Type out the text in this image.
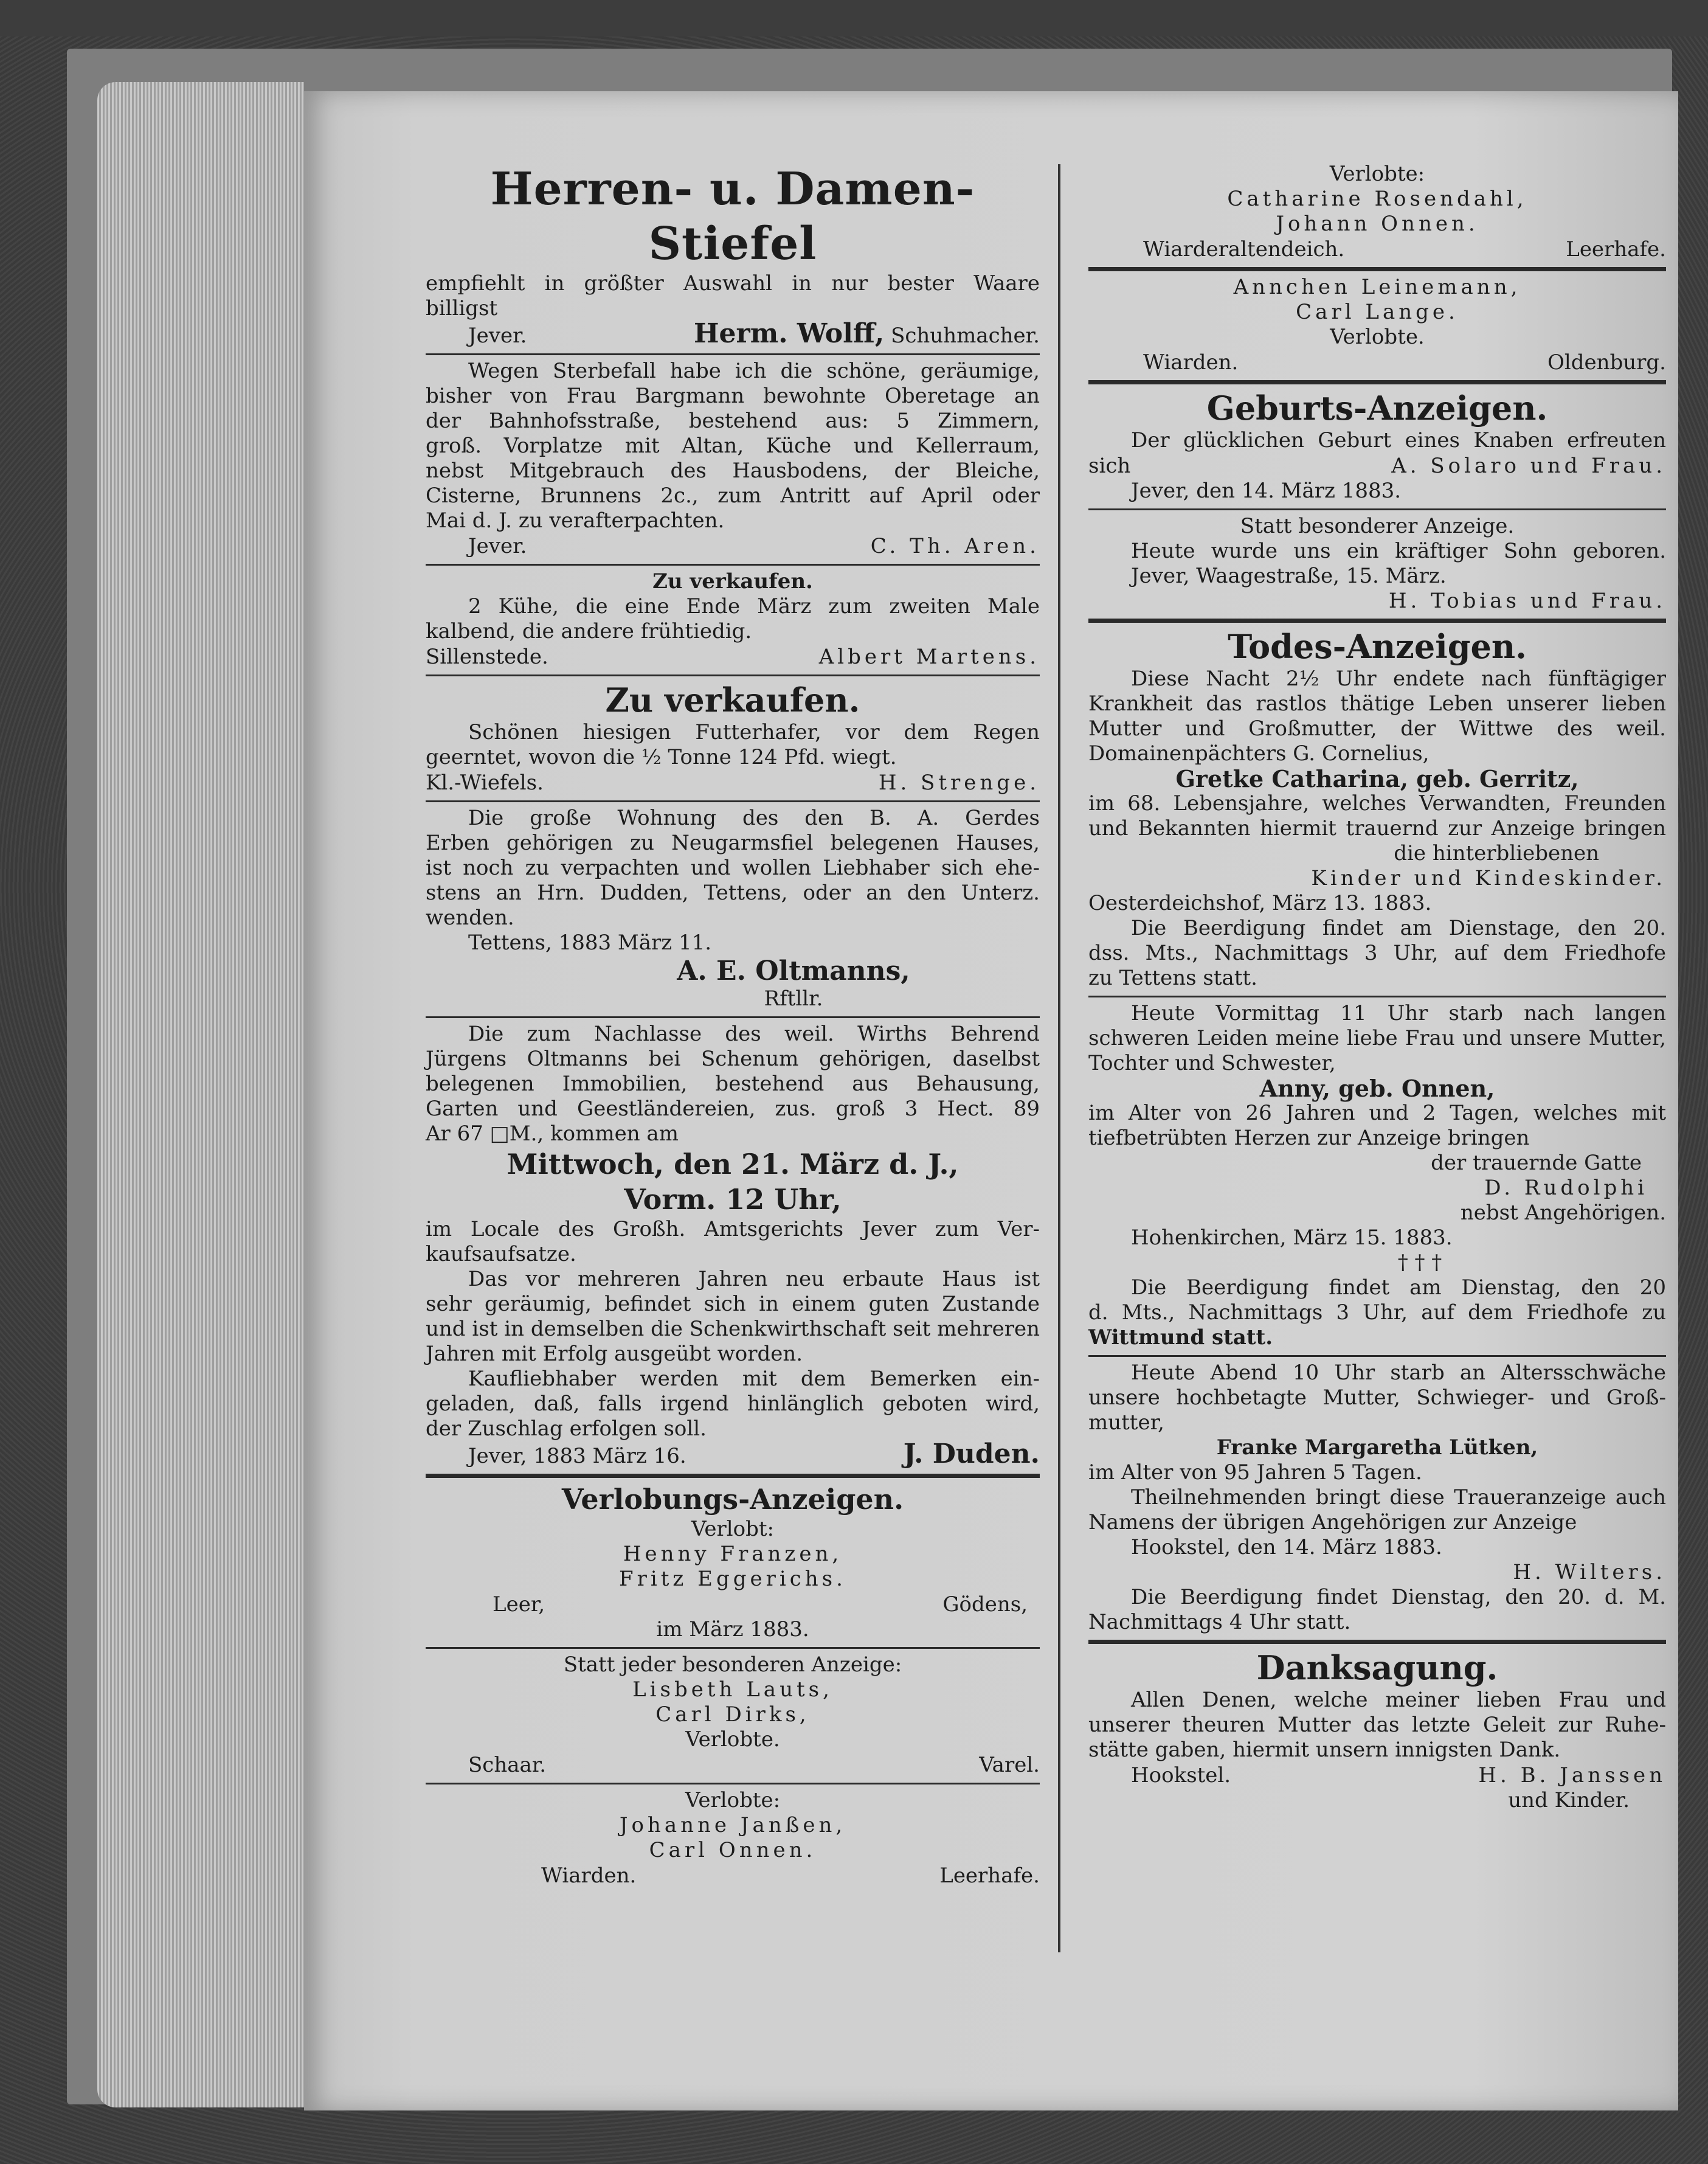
Herren- u. Damen-Stiefel
empfiehlt in größter Auswahl in nur bester Waare
billigst
Jever.	Herm. Wolff, Schuhmacher.
Wegen Sterbefall habe ich die schöne, geräumige,
bisher von Frau Bargmann bewohnte Oberetage an
der Bahnhofsstraße, bestehend aus: 5 Zimmern,
groß. Vorplatze mit Altan, Küche und Kellerraum,
nebst Mitgebrauch des Hausbodens, der Bleiche,
Cisterne, Brunnens 2c., zum Antritt auf April oder
Mai d. J. zu verafterpachten.
Jever.	C. Th. Aren.
Zu verkaufen.
2 Kühe, die eine Ende März zum zweiten Male
kalbend, die andere frühtiedig.
Sillenstede.	Albert Martens.
Zu verkaufen.
Schönen hiesigen Futterhafer, vor dem Regen
geerntet, wovon die ½ Tonne 124 Pfd. wiegt.
Kl.-Wiefels.	H. Strenge.
Die große Wohnung des den B. A. Gerdes
Erben gehörigen zu Neugarmsfiel belegenen Hauses,
ist noch zu verpachten und wollen Liebhaber sich ehe-
stens an Hrn. Dudden, Tettens, oder an den Unterz.
wenden.
Tettens, 1883 März 11.
A. E. Oltmanns,
Rftllr.
Die zum Nachlasse des weil. Wirths Behrend
Jürgens Oltmanns bei Schenum gehörigen, daselbst
belegenen Immobilien, bestehend aus Behausung,
Garten und Geestländereien, zus. groß 3 Hect. 89
Ar 67 □M., kommen am
Mittwoch, den 21. März d. J.,
Vorm. 12 Uhr,
im Locale des Großh. Amtsgerichts Jever zum Ver-
kaufsaufsatze.
Das vor mehreren Jahren neu erbaute Haus ist
sehr geräumig, befindet sich in einem guten Zustande
und ist in demselben die Schenkwirthschaft seit mehreren
Jahren mit Erfolg ausgeübt worden.
Kaufliebhaber werden mit dem Bemerken ein-
geladen, daß, falls irgend hinlänglich geboten wird,
der Zuschlag erfolgen soll.
Jever, 1883 März 16.	J. Duden.
Verlobungs-Anzeigen.
Verlobt:
Henny Franzen,
Fritz Eggerichs.
Leer,	Gödens,
im März 1883.
Statt jeder besonderen Anzeige:
Lisbeth Lauts,
Carl Dirks,
Verlobte.
Schaar.	Varel.
Verlobte:
Johanne Janßen,
Carl Onnen.
Wiarden.	Leerhafe.
Verlobte:
Catharine Rosendahl,
Johann Onnen.
Wiarderaltendeich.	Leerhafe.
Annchen Leinemann,
Carl Lange.
Verlobte.
Wiarden.	Oldenburg.
Geburts-Anzeigen.
Der glücklichen Geburt eines Knaben erfreuten
sich	A. Solaro und Frau.
Jever, den 14. März 1883.
Statt besonderer Anzeige.
Heute wurde uns ein kräftiger Sohn geboren.
Jever, Waagestraße, 15. März.
H. Tobias und Frau.
Todes-Anzeigen.
Diese Nacht 2½ Uhr endete nach fünftägiger
Krankheit das rastlos thätige Leben unserer lieben
Mutter und Großmutter, der Wittwe des weil.
Domainenpächters G. Cornelius,
Gretke Catharina, geb. Gerritz,
im 68. Lebensjahre, welches Verwandten, Freunden
und Bekannten hiermit trauernd zur Anzeige bringen
die hinterbliebenen
Kinder und Kindeskinder.
Oesterdeichshof, März 13. 1883.
Die Beerdigung findet am Dienstage, den 20.
dss. Mts., Nachmittags 3 Uhr, auf dem Friedhofe
zu Tettens statt.
Heute Vormittag 11 Uhr starb nach langen
schweren Leiden meine liebe Frau und unsere Mutter,
Tochter und Schwester,
Anny, geb. Onnen,
im Alter von 26 Jahren und 2 Tagen, welches mit
tiefbetrübten Herzen zur Anzeige bringen
der trauernde Gatte
D. Rudolphi
nebst Angehörigen.
Hohenkirchen, März 15. 1883.
† † †
Die Beerdigung findet am Dienstag, den 20
d. Mts., Nachmittags 3 Uhr, auf dem Friedhofe zu
Wittmund statt.
Heute Abend 10 Uhr starb an Altersschwäche
unsere hochbetagte Mutter, Schwieger- und Groß-
mutter,
Franke Margaretha Lütken,
im Alter von 95 Jahren 5 Tagen.
Theilnehmenden bringt diese Traueranzeige auch
Namens der übrigen Angehörigen zur Anzeige
Hookstel, den 14. März 1883.
H. Wilters.
Die Beerdigung findet Dienstag, den 20. d. M.
Nachmittags 4 Uhr statt.
Danksagung.
Allen Denen, welche meiner lieben Frau und
unserer theuren Mutter das letzte Geleit zur Ruhe-
stätte gaben, hiermit unsern innigsten Dank.
Hookstel.	H. B. Janssen
und Kinder.
